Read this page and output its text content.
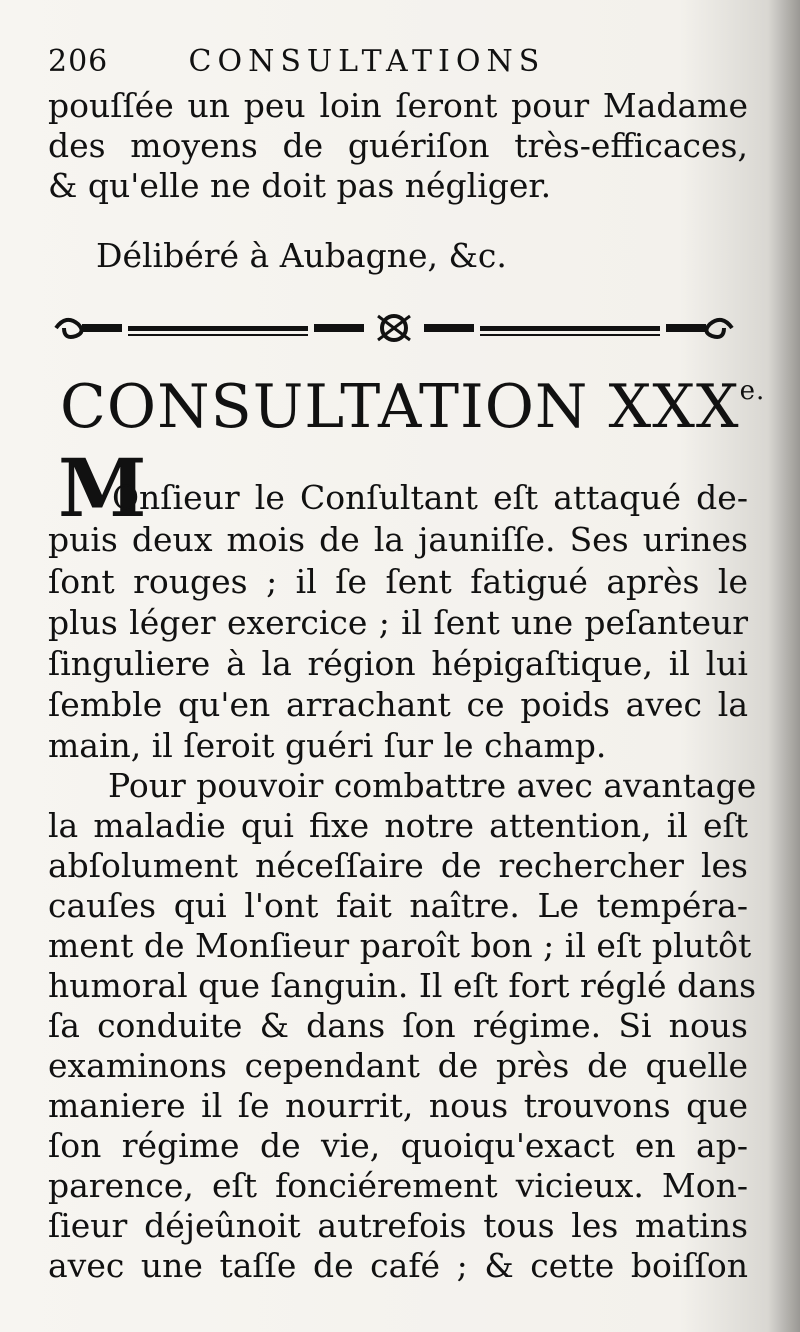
206	CONSULTATIONS
pouſſée un peu loin ſeront pour Madame
des moyens de guériſon très-efficaces,
& qu'elle ne doit pas négliger.
Délibéré à Aubagne, &c.
CONSULTATION $XXX^{e.}$
M
Onſieur le Conſultant eſt attaqué de-
puis deux mois de la jauniſſe. Ses urines
ſont rouges ; il ſe ſent fatigué après le
plus léger exercice ; il ſent une peſanteur
ſinguliere à la région hépigaſtique, il lui
ſemble qu'en arrachant ce poids avec la
main, il ſeroit guéri ſur le champ.
Pour pouvoir combattre avec avantage
la maladie qui fixe notre attention, il eſt
abſolument néceſſaire de rechercher les
cauſes qui l'ont fait naître. Le tempéra-
ment de Monſieur paroît bon ; il eſt plutôt
humoral que ſanguin. Il eſt fort réglé dans
ſa conduite & dans ſon régime. Si nous
examinons cependant de près de quelle
maniere il ſe nourrit, nous trouvons que
ſon régime de vie, quoiqu'exact en ap-
parence, eſt fonciérement vicieux. Mon-
ſieur déjeûnoit autrefois tous les matins
avec une taſſe de café ; & cette boiſſon
